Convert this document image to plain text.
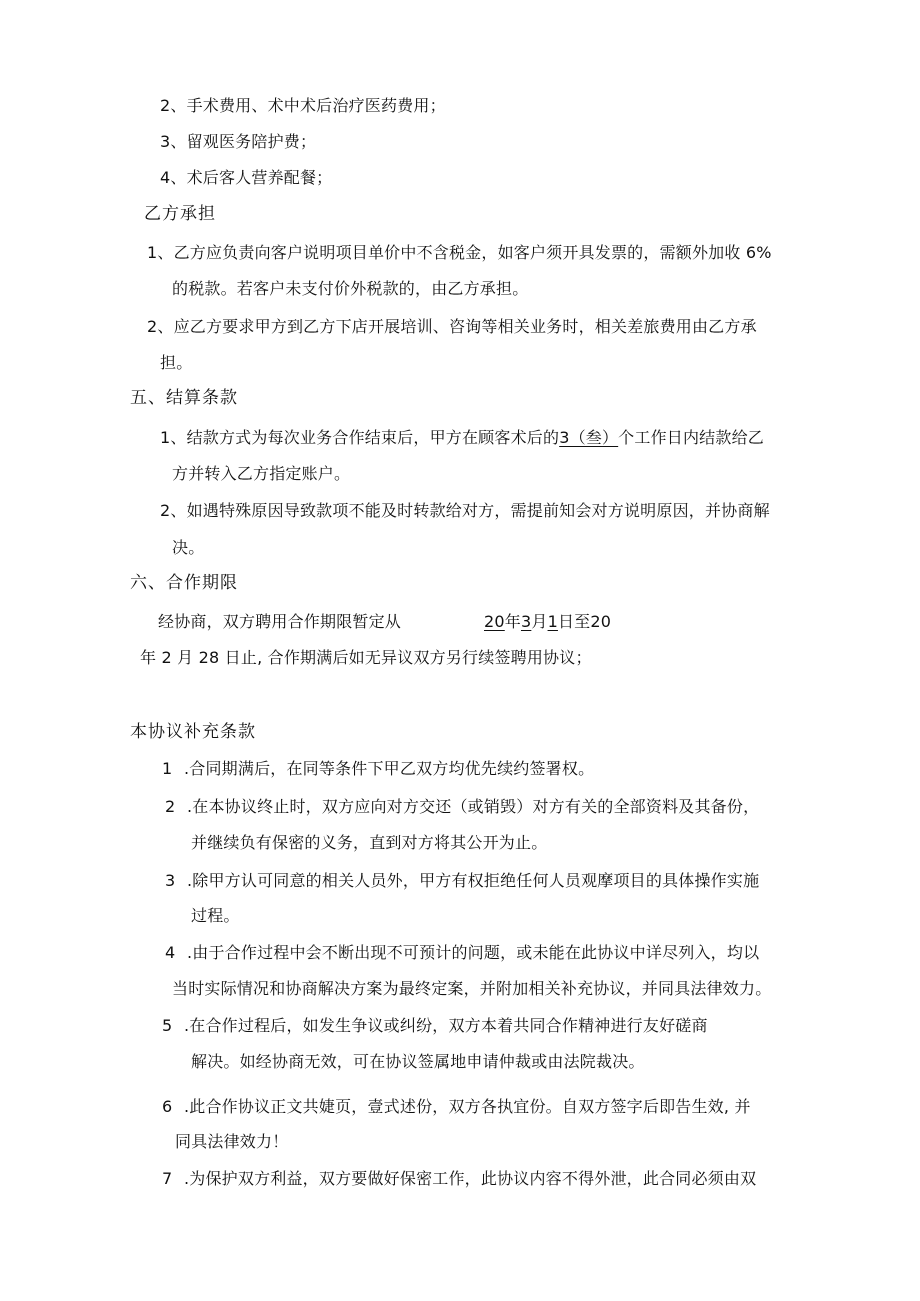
2、手术费用、术中术后治疗医药费用；
3、留观医务陪护费；
4、术后客人营养配餐；
乙方承担
1、乙方应负责向客户说明项目单价中不含税金，如客户须开具发票的，需额外加收 6%
的税款。若客户未支付价外税款的，由乙方承担。
2、应乙方要求甲方到乙方下店开展培训、咨询等相关业务时，相关差旅费用由乙方承
担。
五、结算条款
1、结款方式为每次业务合作结束后，甲方在顾客术后的3（叁）个工作日内结款给乙
方并转入乙方指定账户。
2、如遇特殊原因导致款项不能及时转款给对方，需提前知会对方说明原因，并协商解
决。
六、合作期限
经协商，双方聘用合作期限暂定从	20年3月1日至20
年 2 月 28 日止, 合作期满后如无异议双方另行续签聘用协议；
本协议补充条款
1 .合同期满后，在同等条件下甲乙双方均优先续约签署权。
2 .在本协议终止时，双方应向对方交还（或销毁）对方有关的全部资料及其备份，
并继续负有保密的义务，直到对方将其公开为止。
3 .除甲方认可同意的相关人员外，甲方有权拒绝任何人员观摩项目的具体操作实施
过程。
4 .由于合作过程中会不断出现不可预计的问题，或未能在此协议中详尽列入，均以
当时实际情况和协商解决方案为最终定案，并附加相关补充协议，并同具法律效力。
5 .在合作过程后，如发生争议或纠纷，双方本着共同合作精神进行友好磋商
解决。如经协商无效，可在协议签属地申请仲裁或由法院裁决。
6 .此合作协议正文共婕页，壹式述份，双方各执宜份。自双方签字后即告生效, 并
同具法律效力！
7 .为保护双方利益，双方要做好保密工作，此协议内容不得外泄，此合同必须由双
